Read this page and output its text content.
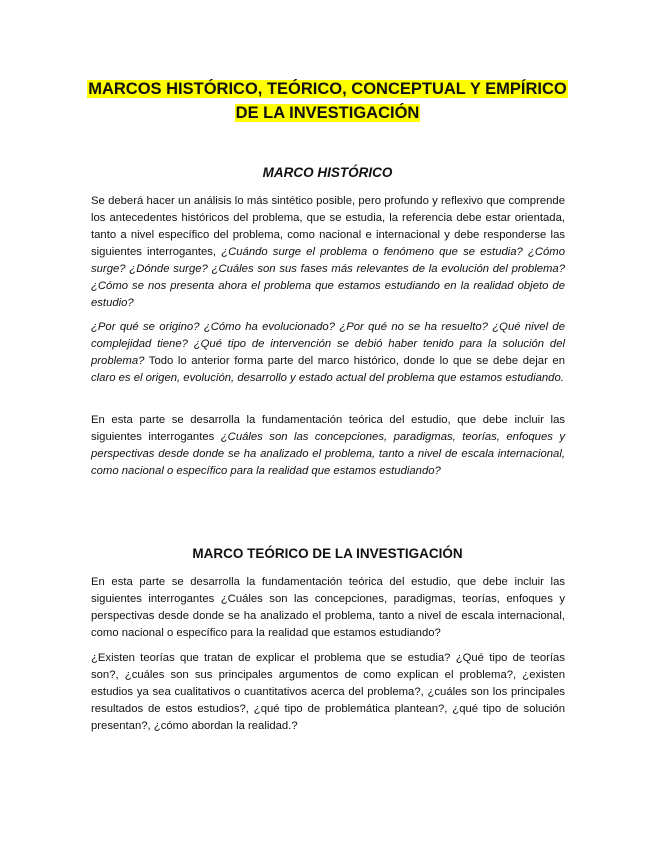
MARCOS HISTÓRICO, TEÓRICO, CONCEPTUAL Y EMPÍRICO
DE LA INVESTIGACIÓN
MARCO HISTÓRICO

Se deberá hacer un análisis lo más sintético posible, pero profundo y reflexivo que comprende los antecedentes históricos del problema, que se estudia, la referencia debe estar orientada, tanto a nivel específico del problema, como nacional e internacional y debe responderse las siguientes interrogantes, ¿Cuándo surge el problema o fenómeno que se estudia? ¿Cómo surge? ¿Dónde surge? ¿Cuáles son sus fases más relevantes de la evolución del problema? ¿Cómo se nos presenta ahora el problema que estamos estudiando en la realidad objeto de estudio?

¿Por qué se origino? ¿Cómo ha evolucionado? ¿Por qué no se ha resuelto? ¿Qué nivel de complejidad tiene? ¿Qué tipo de intervención se debió haber tenido para la solución del problema? Todo lo anterior forma parte del marco histórico, donde lo que se debe dejar en claro es el origen, evolución, desarrollo y estado actual del problema que estamos estudiando.

En esta parte se desarrolla la fundamentación teórica del estudio, que debe incluir las siguientes interrogantes ¿Cuáles son las concepciones, paradigmas, teorías, enfoques y perspectivas desde donde se ha analizado el problema, tanto a nivel de escala internacional, como nacional o específico para la realidad que estamos estudiando?

MARCO TEÓRICO DE LA INVESTIGACIÓN

En esta parte se desarrolla la fundamentación teórica del estudio, que debe incluir las siguientes interrogantes ¿Cuáles son las concepciones, paradigmas, teorías, enfoques y perspectivas desde donde se ha analizado el problema, tanto a nivel de escala internacional, como nacional o específico para la realidad que estamos estudiando?

¿Existen teorías que tratan de explicar el problema que se estudia? ¿Qué tipo de teorías son?, ¿cuáles son sus principales argumentos de como explican el problema?, ¿existen estudios ya sea cualitativos o cuantitativos acerca del problema?, ¿cuáles son los principales resultados de estos estudios?, ¿qué tipo de problemática plantean?, ¿qué tipo de solución presentan?, ¿cómo abordan la realidad.?
